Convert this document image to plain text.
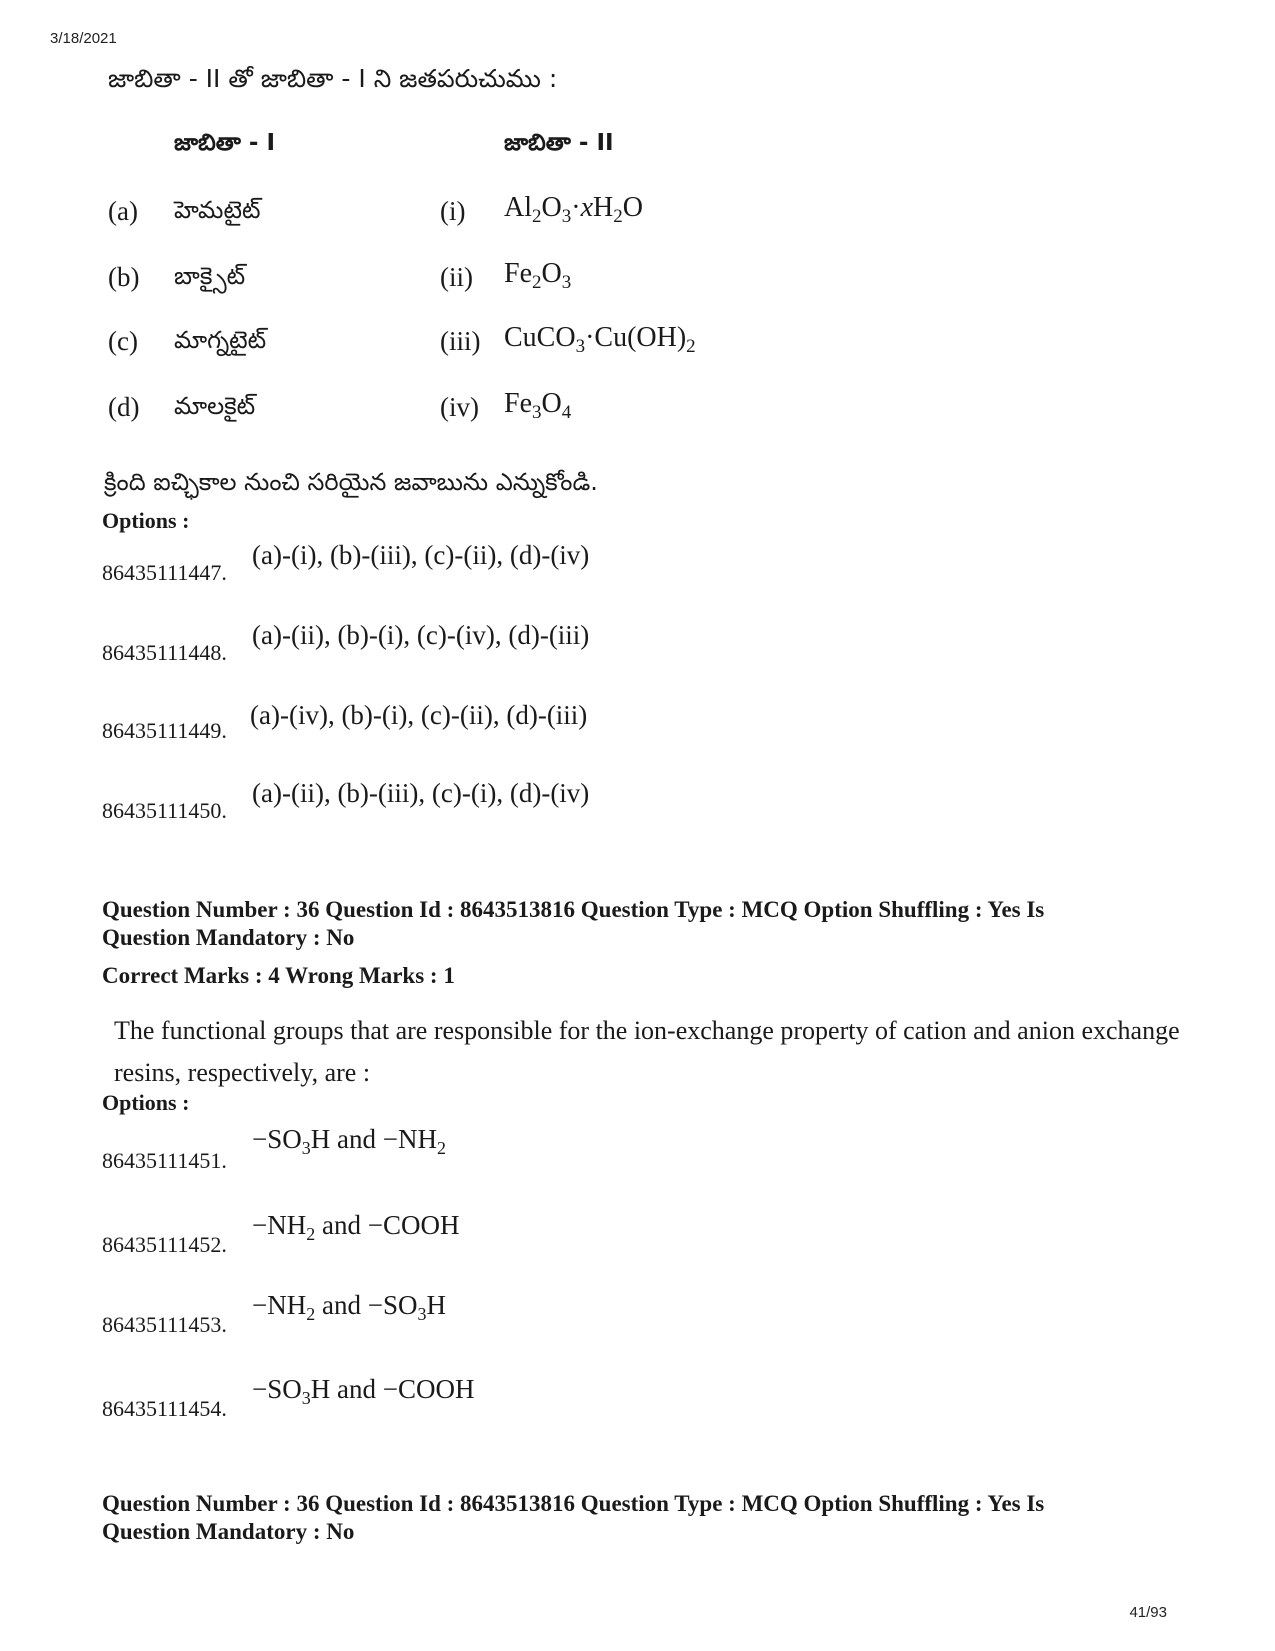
3/18/2021
జాబితా - II తో జాబితా - I ని జతపరుచుము :
జాబితా - I	జాబితా - II
(a) హెమటైట్	(i) $Al_2O_3\cdot xH_2O$
(b) బాక్సైట్	(ii) $Fe_2O_3$
(c) మాగ్నటైట్	(iii) $CuCO_3\cdot Cu(OH)_2$
(d) మాలకైట్	(iv) $Fe_3O_4$
క్రింది ఐచ్ఛికాల నుంచి సరియైన జవాబును ఎన్నుకోండి.
Options :
86435111447.
(a)-(i), (b)-(iii), (c)-(ii), (d)-(iv)
86435111448.
(a)-(ii), (b)-(i), (c)-(iv), (d)-(iii)
86435111449.
(a)-(iv), (b)-(i), (c)-(ii), (d)-(iii)
86435111450.
(a)-(ii), (b)-(iii), (c)-(i), (d)-(iv)
Question Number : 36 Question Id : 8643513816 Question Type : MCQ Option Shuffling : Yes Is
Question Mandatory : No
Correct Marks : 4 Wrong Marks : 1
The functional groups that are responsible for the ion-exchange property of cation and anion exchange resins, respectively, are :
Options :
86435111451.
$-SO_3H$ and $-NH_2$
86435111452.
$-NH_2$ and −COOH
86435111453.
$-NH_2$ and $-SO_3H$
86435111454.
$-SO_3H$ and −COOH
Question Number : 36 Question Id : 8643513816 Question Type : MCQ Option Shuffling : Yes Is
Question Mandatory : No
41/93
